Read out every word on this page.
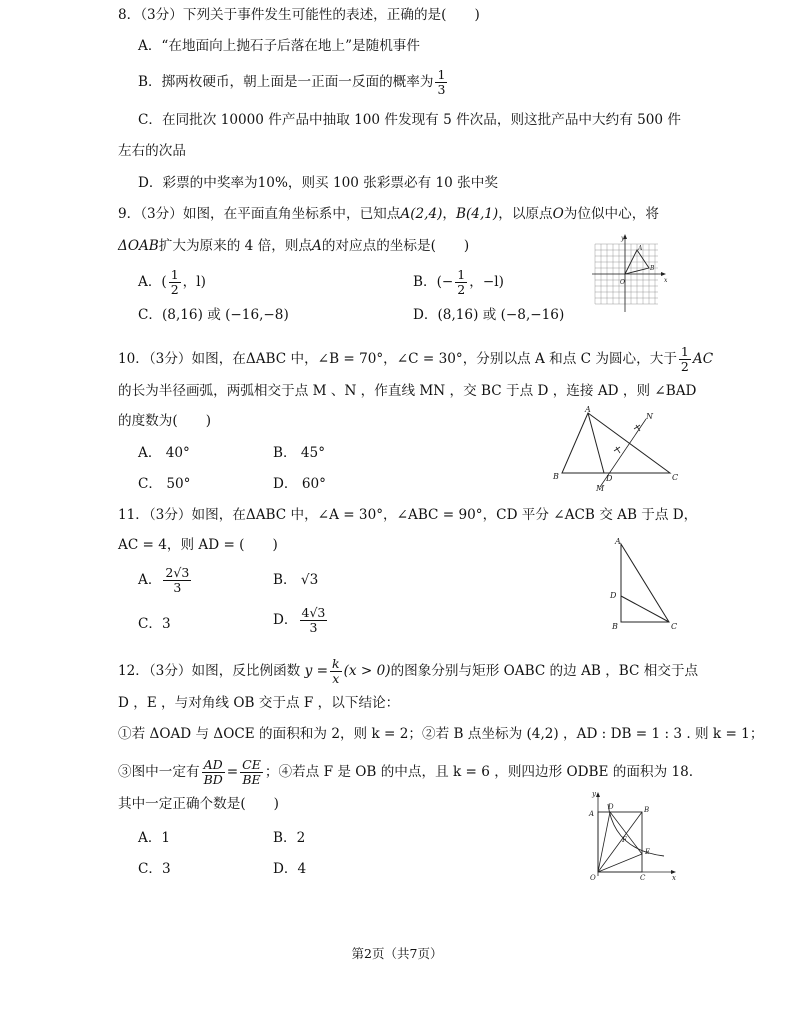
8．（3分）下列关于事件发生可能性的表述，正确的是( )
A．“在地面向上抛石子后落在地上”是随机事件
B．掷两枚硬币，朝上面是一正面一反面的概率为 $\frac{1}{3}$
C．在同批次 10000 件产品中抽取 100 件发现有 5 件次品，则这批产品中大约有 500 件
左右的次品
D．彩票的中奖率为10%，则买 100 张彩票必有 10 张中奖
9．（3分）如图，在平面直角坐标系中，已知点A(2,4)，B(4,1)，以原点O为位似中心，将
ΔOAB扩大为原来的 4 倍，则点A的对应点的坐标是( )
A．( $\frac{1}{2}$ ，l)	B．(− $\frac{1}{2}$ ，−l)
C．(8,16) 或 (−16,−8)	D．(8,16) 或 (−8,−16)
O
A
B
y
x
10．（3分）如图，在ΔABC 中，∠B = 70°，∠C = 30°，分别以点 A 和点 C 为圆心，大于 $\frac{1}{2}$ AC
的长为半径画弧，两弧相交于点 M 、N ，作直线 MN ，交 BC 于点 D ，连接 AD ，则 ∠BAD
的度数为( )
A． 40°	B． 45°
C． 50°	D． 60°
A
B	C
D
M
N
11．（3分）如图，在ΔABC 中，∠A = 30°，∠ABC = 90°，CD 平分 ∠ACB 交 AB 于点 D，
AC = 4，则 AD = ( )
A． $\frac{2√3}{3}$	B． √3
C．3	D． $\frac{4√3}{3}$
A
B	C
D
12．（3分）如图，反比例函数 $y = \frac{k}{x} (x > 0)$的图象分别与矩形 OABC 的边 AB ，BC 相交于点
D ，E ，与对角线 OB 交于点 F ，以下结论：
①若 ΔOAD 与 ΔOCE 的面积和为 2，则 k = 2；②若 B 点坐标为 (4,2) ，AD : DB = 1 : 3 . 则 k = 1；
③图中一定有 $\frac{AD}{BD} = \frac{CE}{BE}$ ；④若点 F 是 OB 的中点，且 k = 6 ，则四边形 ODBE 的面积为 18.
其中一定正确个数是( )
A．1	B．2
C．3	D．4
y
x
O
A	B
C
D
E
F
第2页（共7页）
